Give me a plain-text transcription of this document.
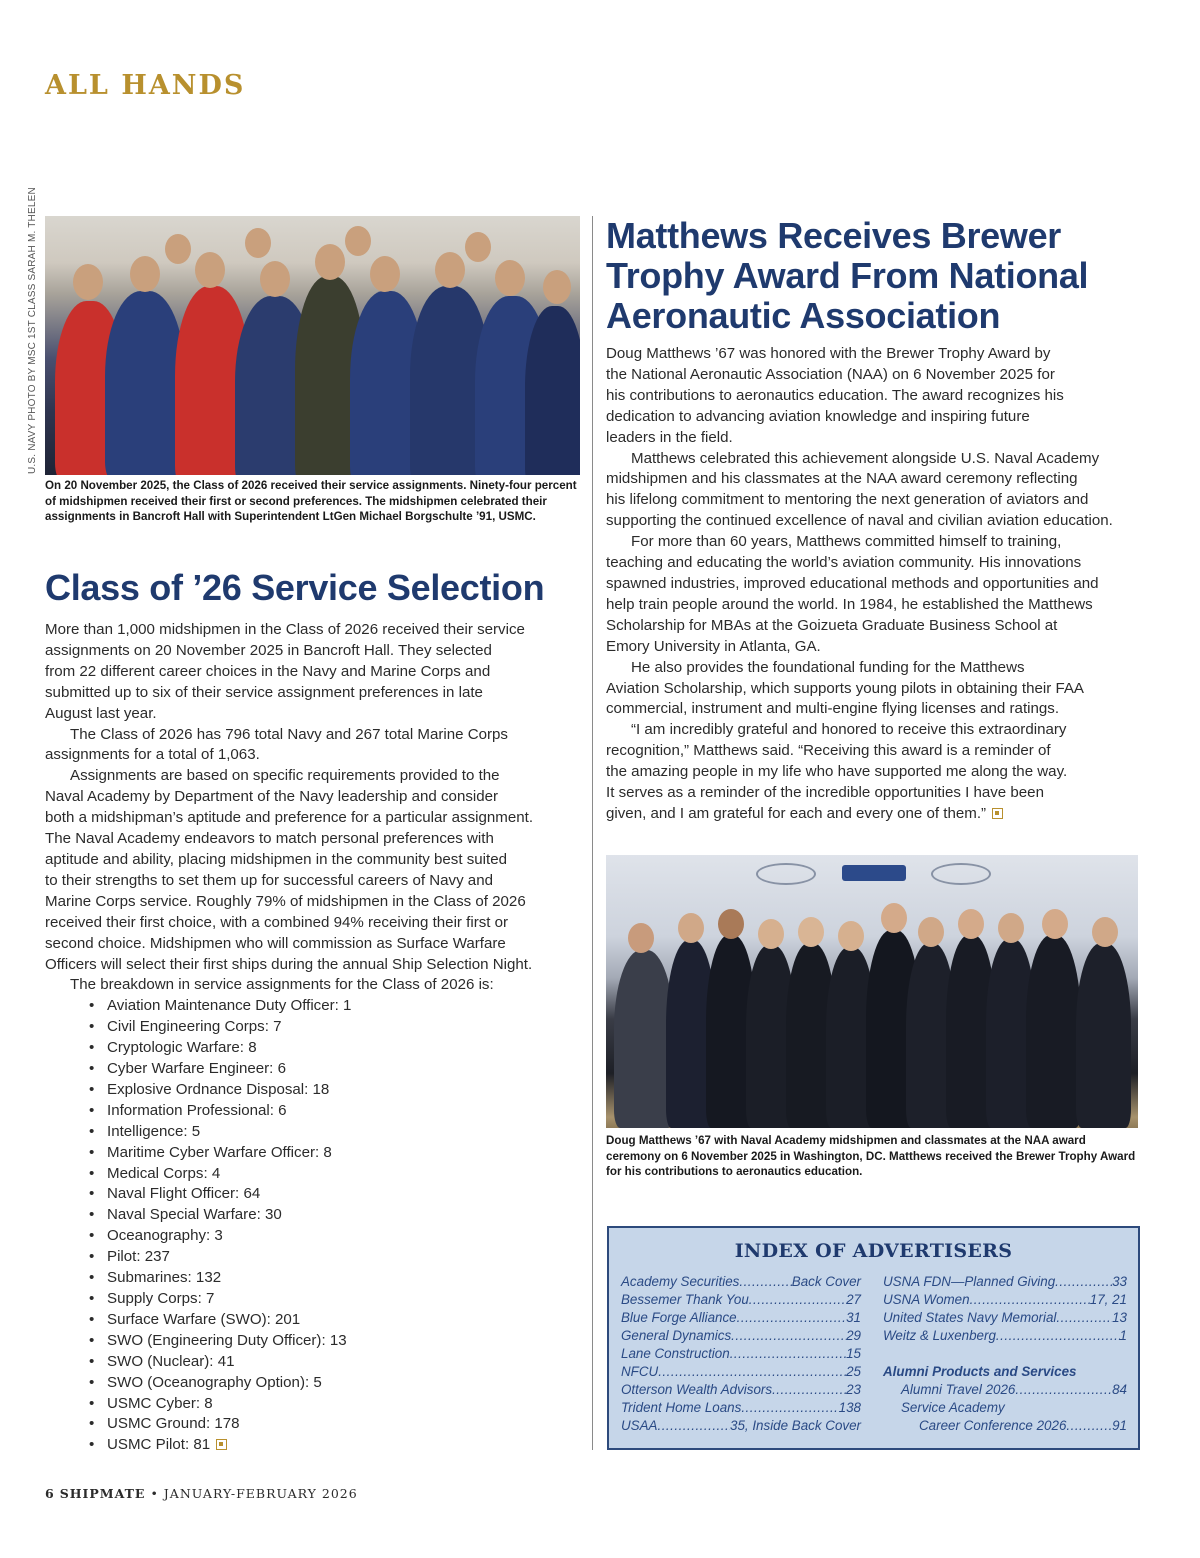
ALL HANDS
U.S. NAVY PHOTO BY MSC 1ST CLASS SARAH M. THELEN
On 20 November 2025, the Class of 2026 received their service assignments. Ninety-four percent of midshipmen received their first or second preferences. The midshipmen celebrated their assignments in Bancroft Hall with Superintendent LtGen Michael Borgschulte ’91, USMC.
Class of ’26 Service Selection

More than 1,000 midshipmen in the Class of 2026 received their service

assignments on 20 November 2025 in Bancroft Hall. They selected

from 22 different career choices in the Navy and Marine Corps and

submitted up to six of their service assignment preferences in late

August last year.

The Class of 2026 has 796 total Navy and 267 total Marine Corps

assignments for a total of 1,063.

Assignments are based on specific requirements provided to the

Naval Academy by Department of the Navy leadership and consider

both a midshipman’s aptitude and preference for a particular assignment.

The Naval Academy endeavors to match personal preferences with

aptitude and ability, placing midshipmen in the community best suited

to their strengths to set them up for successful careers of Navy and

Marine Corps service. Roughly 79% of midshipmen in the Class of 2026

received their first choice, with a combined 94% receiving their first or

second choice. Midshipmen who will commission as Surface Warfare

Officers will select their first ships during the annual Ship Selection Night.

The breakdown in service assignments for the Class of 2026 is:

• Aviation Maintenance Duty Officer: 1
• Civil Engineering Corps: 7
• Cryptologic Warfare: 8
• Cyber Warfare Engineer: 6
• Explosive Ordnance Disposal: 18
• Information Professional: 6
• Intelligence: 5
• Maritime Cyber Warfare Officer: 8
• Medical Corps: 4
• Naval Flight Officer: 64
• Naval Special Warfare: 30
• Oceanography: 3
• Pilot: 237
• Submarines: 132
• Supply Corps: 7
• Surface Warfare (SWO): 201
• SWO (Engineering Duty Officer): 13
• SWO (Nuclear): 41
• SWO (Oceanography Option): 5
• USMC Cyber: 8
• USMC Ground: 178
• USMC Pilot: 81
Matthews Receives Brewer Trophy Award From National Aeronautic Association

Doug Matthews ’67 was honored with the Brewer Trophy Award by

the National Aeronautic Association (NAA) on 6 November 2025 for

his contributions to aeronautics education. The award recognizes his

dedication to advancing aviation knowledge and inspiring future

leaders in the field.

Matthews celebrated this achievement alongside U.S. Naval Academy

midshipmen and his classmates at the NAA award ceremony reflecting

his lifelong commitment to mentoring the next generation of aviators and

supporting the continued excellence of naval and civilian aviation education.

For more than 60 years, Matthews committed himself to training,

teaching and educating the world’s aviation community. His innovations

spawned industries, improved educational methods and opportunities and

help train people around the world. In 1984, he established the Matthews

Scholarship for MBAs at the Goizueta Graduate Business School at

Emory University in Atlanta, GA.

He also provides the foundational funding for the Matthews

Aviation Scholarship, which supports young pilots in obtaining their FAA

commercial, instrument and multi-engine flying licenses and ratings.

“I am incredibly grateful and honored to receive this extraordinary

recognition,” Matthews said. “Receiving this award is a reminder of

the amazing people in my life who have supported me along the way.

It serves as a reminder of the incredible opportunities I have been

given, and I am grateful for each and every one of them.”

Doug Matthews ’67 with Naval Academy midshipmen and classmates at the NAA award ceremony on 6 November 2025 in Washington, DC. Matthews received the Brewer Trophy Award for his contributions to aeronautics education.
INDEX OF ADVERTISERS
Academy Securities .....	Back Cover
Bessemer Thank You .....	27
Blue Forge Alliance .....	31
General Dynamics .....	29
Lane Construction .....	15
NFCU .....	25
Otterson Wealth Advisors .....	23
Trident Home Loans .....	138
USAA .....	35, Inside Back Cover
USNA FDN—Planned Giving .....	33
USNA Women .....	17, 21
United States Navy Memorial .....	13
Weitz & Luxenberg .....	1
Alumni Products and Services
Alumni Travel 2026 .....	84
Service Academy
Career Conference 2026 .....	91
6 SHIPMATE • JANUARY-FEBRUARY 2026
